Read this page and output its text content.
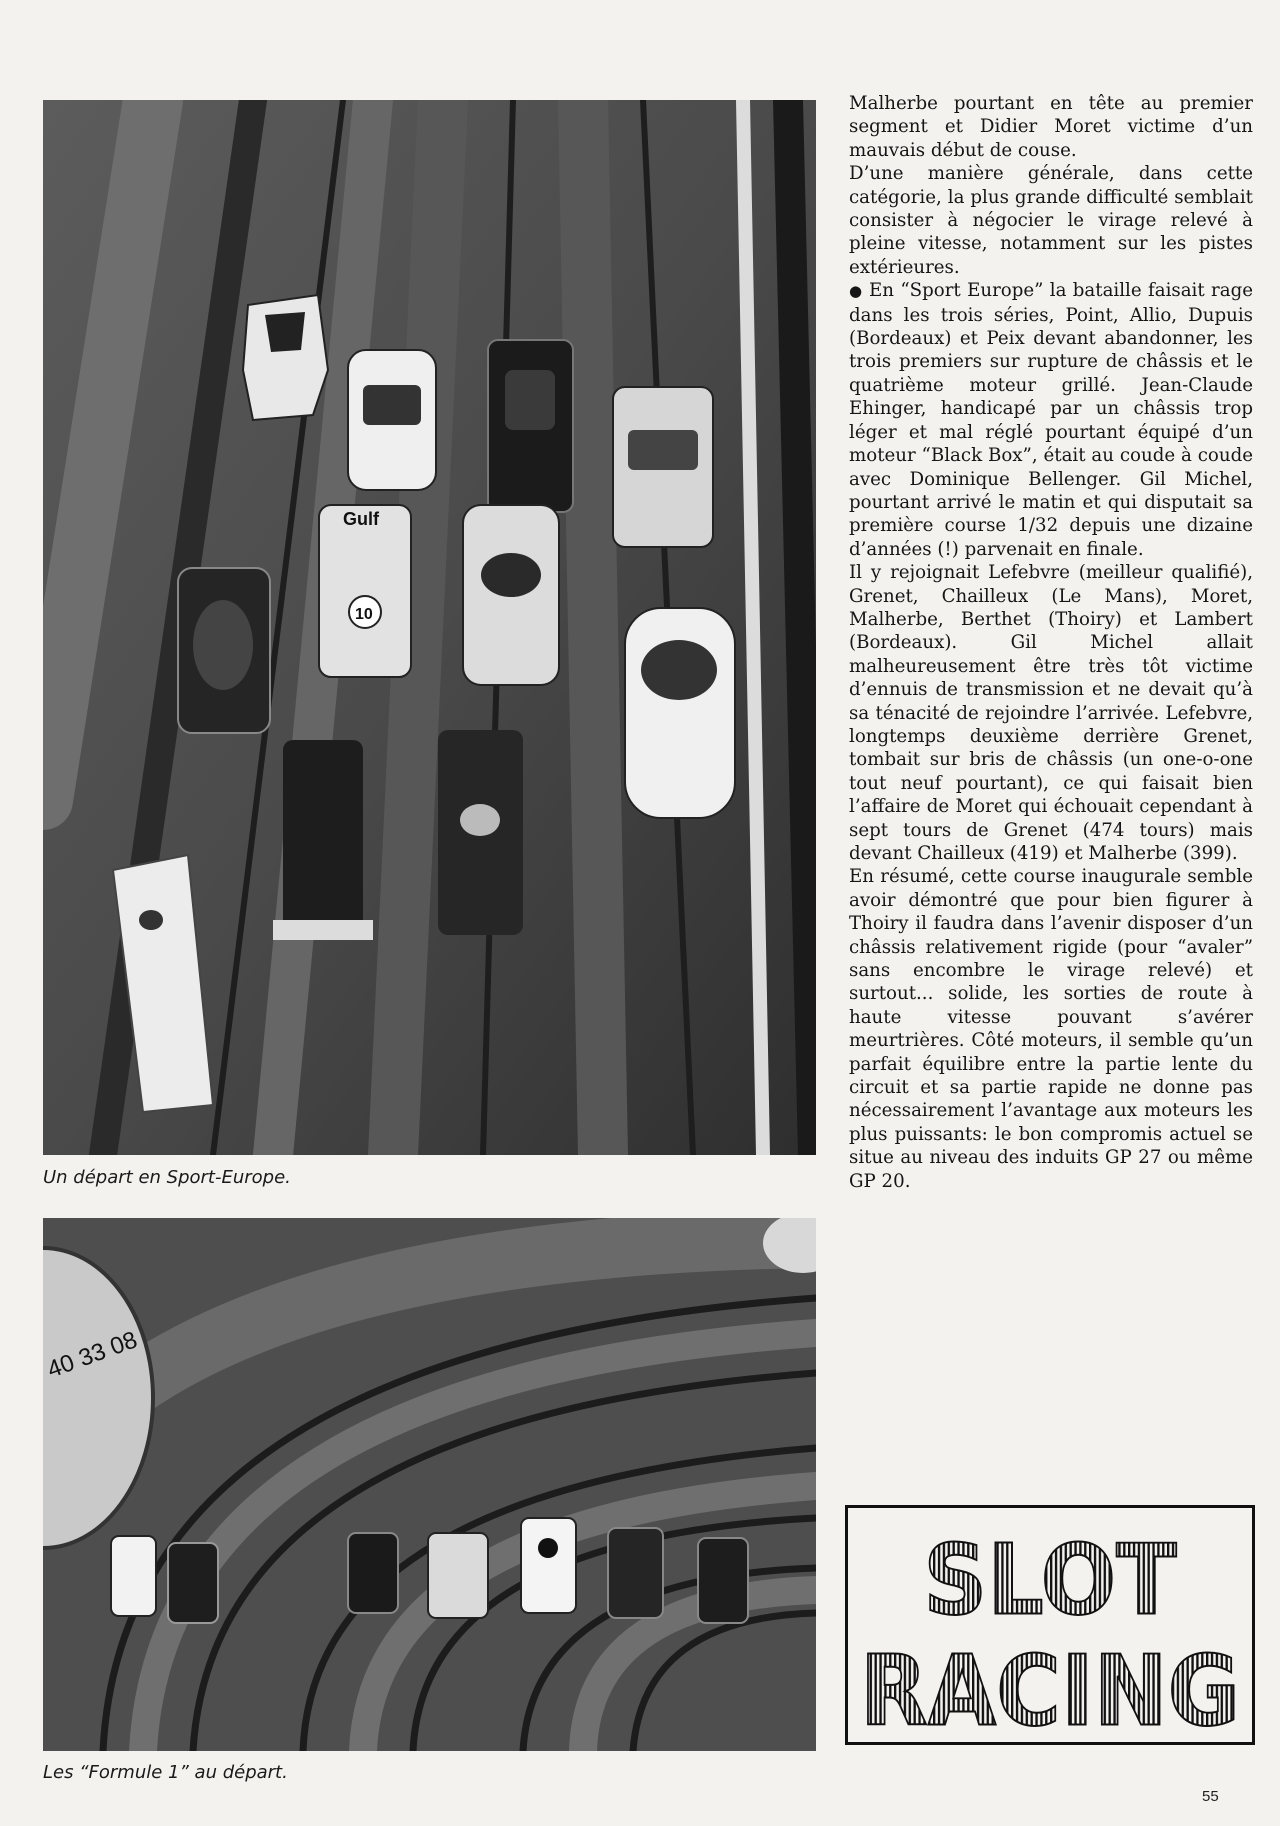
Gulf
10
Un départ en Sport-Europe.
40 33 08
Les “Formule 1” au départ.

Malherbe pourtant en tête au premier segment et Didier Moret victime d’un mauvais début de couse.

D’une manière générale, dans cette catégorie, la plus grande difficulté semblait consister à négocier le virage relevé à pleine vitesse, notamment sur les pistes extérieures.

● En “Sport Europe” la bataille faisait rage dans les trois séries, Point, Allio, Dupuis (Bordeaux) et Peix devant abandonner, les trois premiers sur rupture de châssis et le quatrième moteur grillé. Jean-Claude Ehinger, handicapé par un châssis trop léger et mal réglé pourtant équipé d’un moteur “Black Box”, était au coude à coude avec Dominique Bellenger. Gil Michel, pourtant arrivé le matin et qui disputait sa première course 1/32 depuis une dizaine d’années (!) parvenait en finale.

Il y rejoignait Lefebvre (meilleur qualifié), Grenet, Chailleux (Le Mans), Moret, Malherbe, Berthet (Thoiry) et Lambert (Bordeaux). Gil Michel allait malheureusement être très tôt victime d’ennuis de transmission et ne devait qu’à sa ténacité de rejoindre l’arrivée. Lefebvre, longtemps deuxième derrière Grenet, tombait sur bris de châssis (un one-o-one tout neuf pourtant), ce qui faisait bien l’affaire de Moret qui échouait cependant à sept tours de Grenet (474 tours) mais devant Chailleux (419) et Malherbe (399).

En résumé, cette course inaugurale semble avoir démontré que pour bien figurer à Thoiry il faudra dans l’avenir disposer d’un châssis relativement rigide (pour “avaler” sans encombre le virage relevé) et surtout... solide, les sorties de route à haute vitesse pouvant s’avérer meurtrières. Côté moteurs, il semble qu’un parfait équilibre entre la partie lente du circuit et sa partie rapide ne donne pas nécessairement l’avantage aux moteurs les plus puissants: le bon compromis actuel se situe au niveau des induits GP 27 ou même GP 20.

SLOT
RACING
55
